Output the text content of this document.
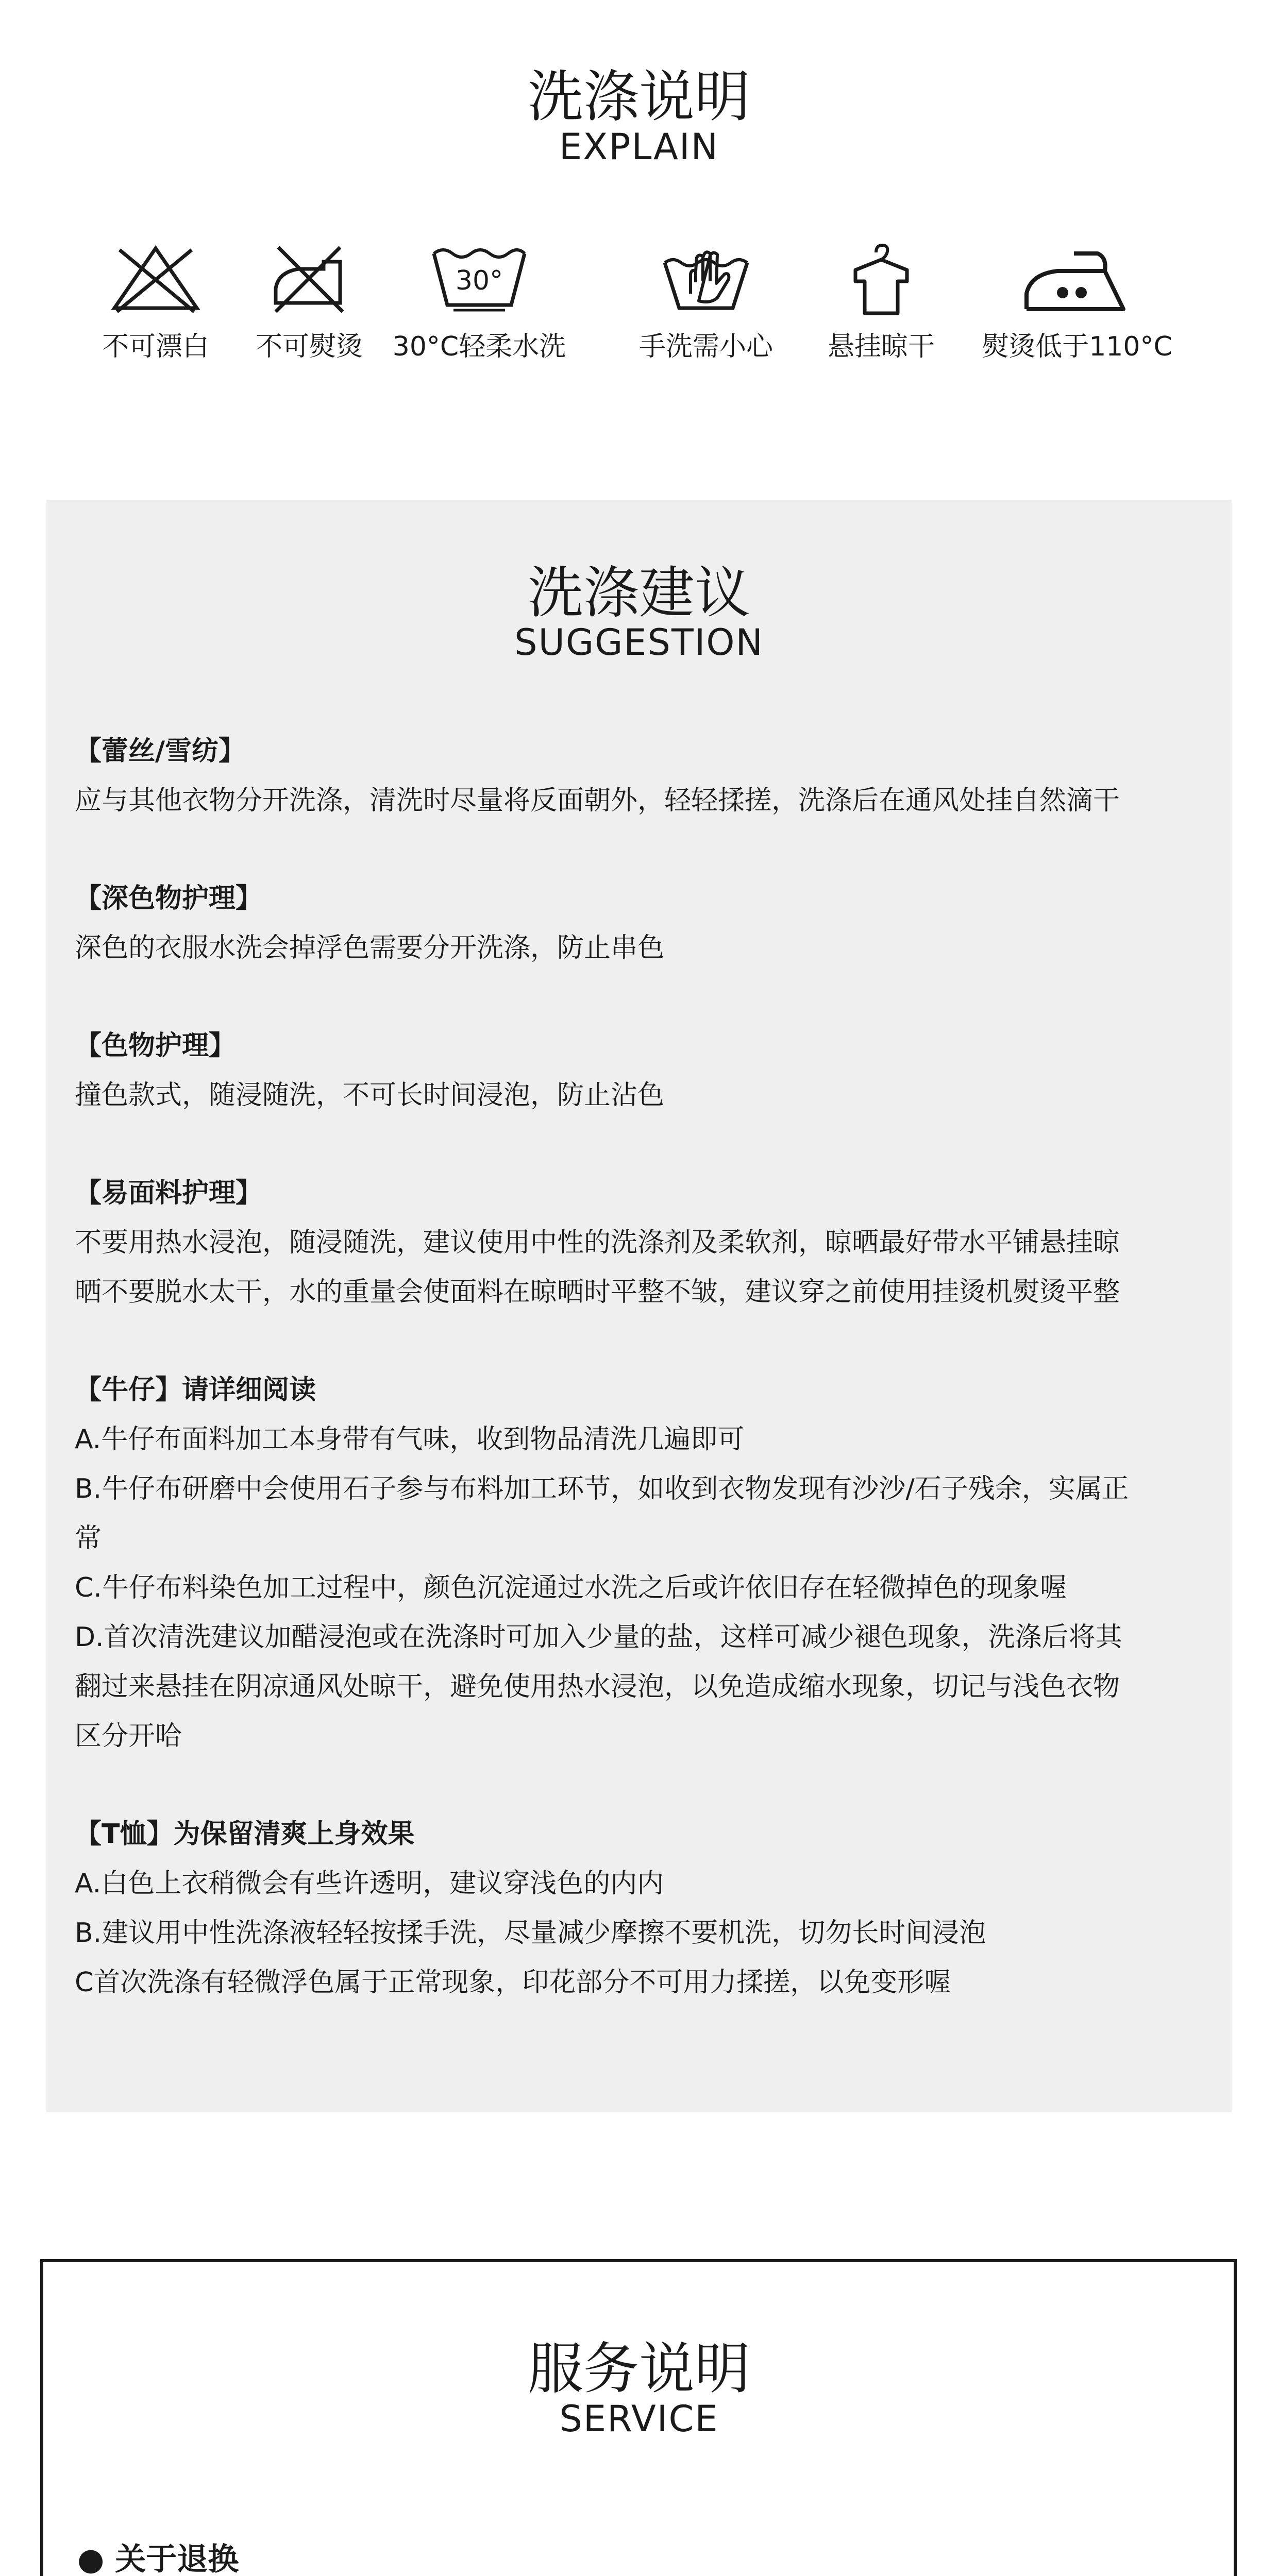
洗涤说明
EXPLAIN
不可漂白	不可熨烫
30°
30°C轻柔水洗	手洗需小心	悬挂晾干	熨烫低于110°C
洗涤建议
SUGGESTION
【蕾丝/雪纺】
应与其他衣物分开洗涤，清洗时尽量将反面朝外，轻轻揉搓，洗涤后在通风处挂自然滴干
【深色物护理】
深色的衣服水洗会掉浮色需要分开洗涤，防止串色
【色物护理】
撞色款式，随浸随洗，不可长时间浸泡，防止沾色
【易面料护理】
不要用热水浸泡，随浸随洗，建议使用中性的洗涤剂及柔软剂，晾晒最好带水平铺悬挂晾
晒不要脱水太干，水的重量会使面料在晾晒时平整不皱，建议穿之前使用挂烫机熨烫平整
【牛仔】请详细阅读
A.牛仔布面料加工本身带有气味，收到物品清洗几遍即可
B.牛仔布研磨中会使用石子参与布料加工环节，如收到衣物发现有沙沙/石子残余，实属正
常
C.牛仔布料染色加工过程中，颜色沉淀通过水洗之后或许依旧存在轻微掉色的现象喔
D.首次清洗建议加醋浸泡或在洗涤时可加入少量的盐，这样可减少褪色现象，洗涤后将其
翻过来悬挂在阴凉通风处晾干，避免使用热水浸泡，以免造成缩水现象，切记与浅色衣物
区分开哈
【T恤】为保留清爽上身效果
A.白色上衣稍微会有些许透明，建议穿浅色的内内
B.建议用中性洗涤液轻轻按揉手洗，尽量减少摩擦不要机洗，切勿长时间浸泡
C首次洗涤有轻微浮色属于正常现象，印花部分不可用力揉搓，以免变形喔
服务说明
SERVICE
● 关于退换
